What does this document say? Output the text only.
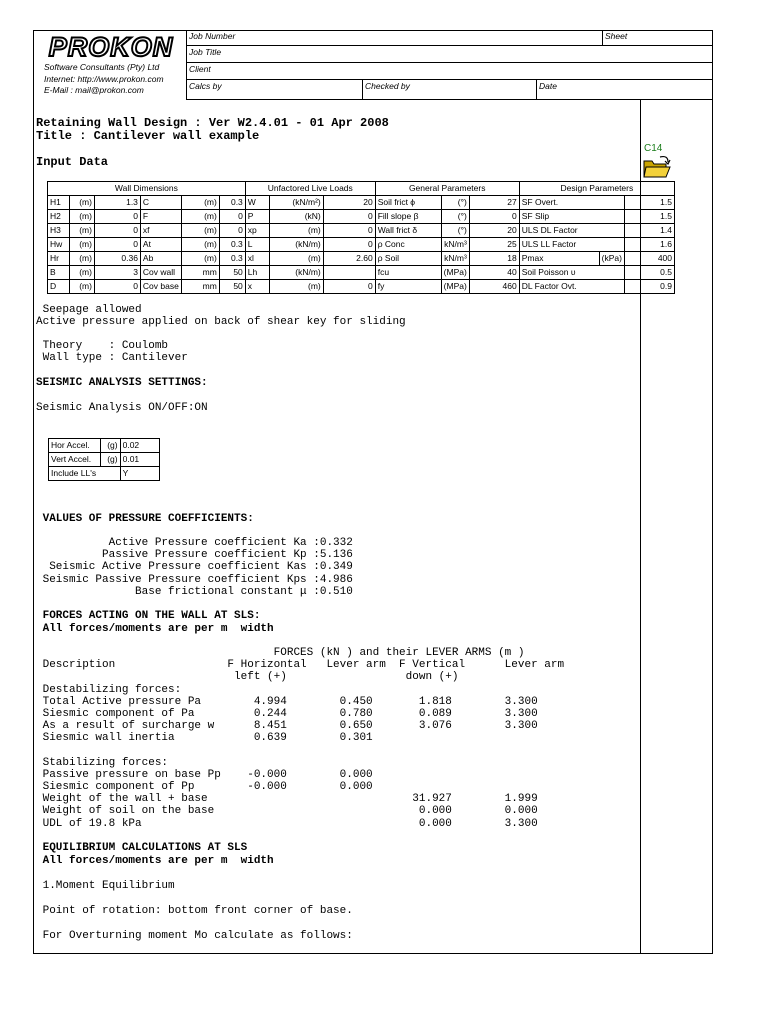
PROKON
Software Consultants (Pty) Ltd
Internet: http://www.prokon.com
E-Mail : mail@prokon.com
Job Number	Sheet
Job Title
Client
Calcs by	Checked by	Date
Retaining Wall Design : Ver W2.4.01 - 01 Apr 2008
Title : Cantilever wall example
Input Data
C14
Wall Dimensions						Unfactored Live Loads			General Parameters			Design Parameters		
H1	(m)	1.3	C	(m)	0.3	W	(kN/m²)	20	Soil frict ϕ	(°)	27	SF Overt.		1.5
H2	(m)	0	F	(m)	0	P	(kN)	0	Fill slope β	(°)	0	SF Slip		1.5
H3	(m)	0	xf	(m)	0	xp	(m)	0	Wall frict δ	(°)	20	ULS DL Factor		1.4
Hw	(m)	0	At	(m)	0.3	L	(kN/m)	0	ρ Conc	kN/m³	25	ULS LL Factor		1.6
Hr	(m)	0.36	Ab	(m)	0.3	xl	(m)	2.60	ρ Soil	kN/m³	18	Pmax	(kPa)	400
B	(m)	3	Cov wall	mm	50	Lh	(kN/m)		fcu	(MPa)	40	Soil Poisson υ		0.5
D	(m)	0	Cov base	mm	50	x	(m)	0	fy	(MPa)	460	DL Factor Ovt.		0.9
Seepage allowed
Active pressure applied on back of shear key for sliding
Theory    : Coulomb
Wall type : Cantilever
SEISMIC ANALYSIS SETTINGS:
Seismic Analysis ON/OFF:ON
Hor Accel.	(g)	0.02
Vert Accel.	(g)	0.01
Include LL's		Y
VALUES OF PRESSURE COEFFICIENTS:
Active Pressure coefficient Ka :0.332
Passive Pressure coefficient Kp :5.136
Seismic Active Pressure coefficient Kas :0.349
Seismic Passive Pressure coefficient Kps :4.986
Base frictional constant μ :0.510
FORCES ACTING ON THE WALL AT SLS:
All forces/moments are per m  width
FORCES (kN ) and their LEVER ARMS (m )
Description                 F Horizontal   Lever arm  F Vertical      Lever arm
left (+)                  down (+)
Destabilizing forces:
Total Active pressure Pa        4.994        0.450       1.818        3.300
Siesmic component of Pa         0.244        0.780       0.089        3.300
As a result of surcharge w      8.451        0.650       3.076        3.300
Siesmic wall inertia            0.639        0.301
Stabilizing forces:
Passive pressure on base Pp    -0.000        0.000
Siesmic component of Pp        -0.000        0.000
Weight of the wall + base                               31.927        1.999
Weight of soil on the base                               0.000        0.000
UDL of 19.8 kPa                                          0.000        3.300
EQUILIBRIUM CALCULATIONS AT SLS
All forces/moments are per m  width
1.Moment Equilibrium
Point of rotation: bottom front corner of base.
For Overturning moment Mo calculate as follows:
